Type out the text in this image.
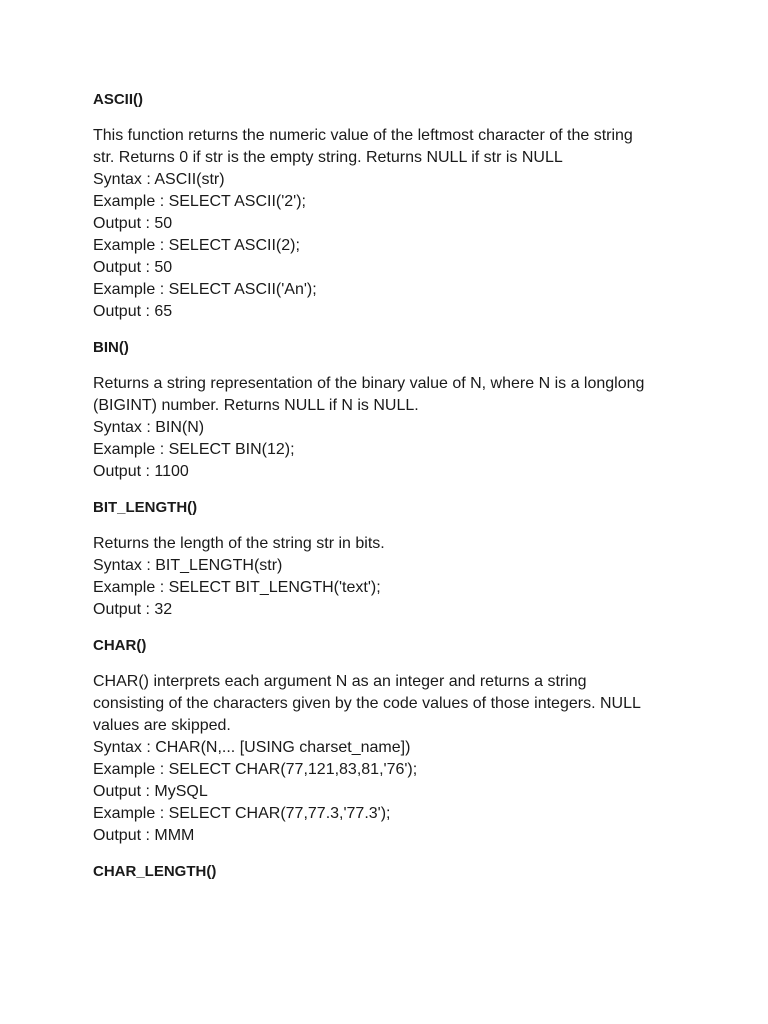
ASCII()
This function returns the numeric value of the leftmost character of the string
str. Returns 0 if str is the empty string. Returns NULL if str is NULL
Syntax : ASCII(str)
Example : SELECT ASCII('2');
Output : 50
Example : SELECT ASCII(2);
Output : 50
Example : SELECT ASCII('An');
Output : 65
BIN()
Returns a string representation of the binary value of N, where N is a longlong
(BIGINT) number. Returns NULL if N is NULL.
Syntax : BIN(N)
Example : SELECT BIN(12);
Output : 1100
BIT_LENGTH()
Returns the length of the string str in bits.
Syntax : BIT_LENGTH(str)
Example : SELECT BIT_LENGTH('text');
Output : 32
CHAR()
CHAR() interprets each argument N as an integer and returns a string
consisting of the characters given by the code values of those integers. NULL
values are skipped.
Syntax : CHAR(N,... [USING charset_name])
Example : SELECT CHAR(77,121,83,81,'76');
Output : MySQL
Example : SELECT CHAR(77,77.3,'77.3');
Output : MMM
CHAR_LENGTH()
